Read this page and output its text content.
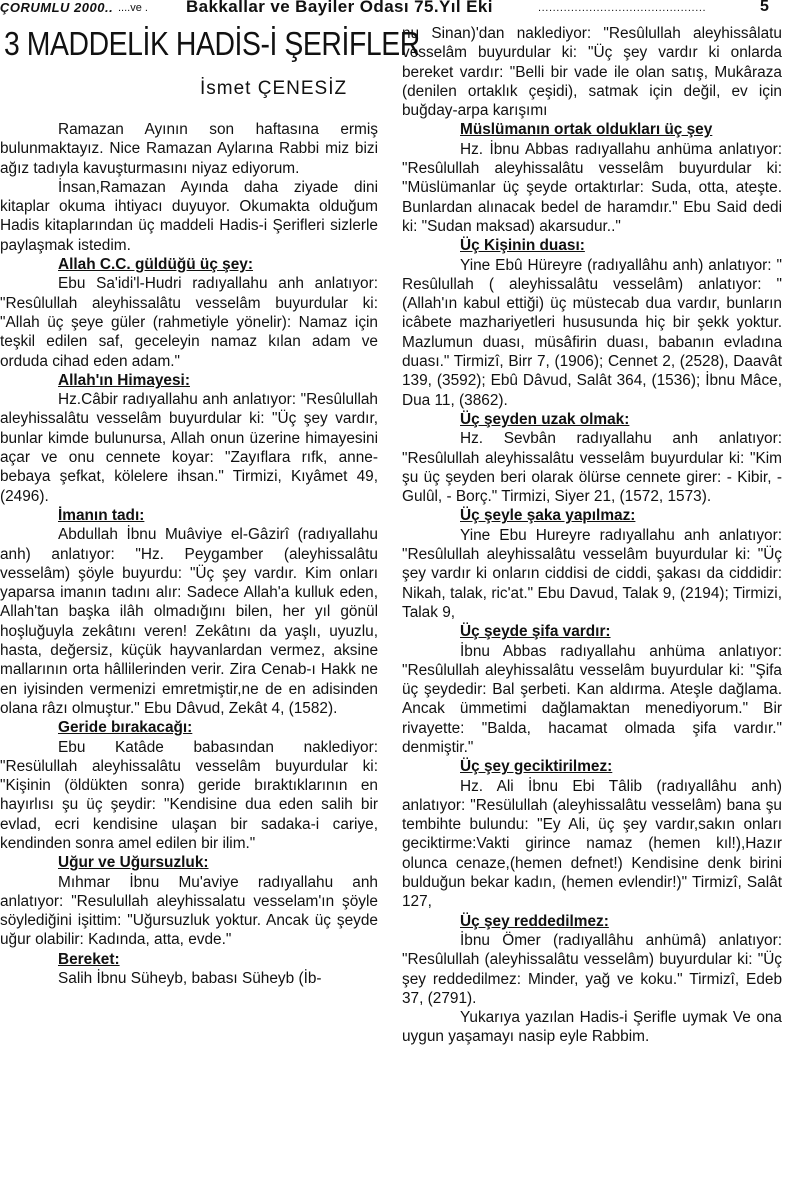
ÇORUMLU 2000.. ....ve . Bakkallar ve Bayiler Odası 75.Yıl Eki	..............................................	5
3 MADDELİK HADİS-İ ŞERİFLER
İsmet ÇENESİZ

Ramazan Ayının son haftasına ermiş bulunmaktayız. Nice Ramazan Aylarına Rabbi miz bizi ağız tadıyla kavuşturmasını niyaz ediyorum.

İnsan,Ramazan Ayında daha ziyade dini kitaplar okuma ihtiyacı duyuyor. Okumakta olduğum Hadis kitaplarından üç maddeli Hadis-i Şerifleri sizlerle paylaşmak istedim.

Allah C.C. güldüğü üç şey:

Ebu Sa'idi'l-Hudri radıyallahu anh anlatıyor: "Resûlullah aleyhissalâtu vesselâm buyurdular ki: "Allah üç şeye güler (rahmetiyle yönelir): Namaz için teşkil edilen saf, geceleyin namaz kılan adam ve orduda cihad eden adam."

Allah'ın Himayesi:

Hz.Câbir radıyallahu anh anlatıyor: "Resûlullah aleyhissalâtu vesselâm buyurdular ki: "Üç şey vardır, bunlar kimde bulunursa, Allah onun üzerine himayesini açar ve onu cennete koyar: "Zayıflara rıfk, anne-bebaya şefkat, kölelere ihsan." Tirmizi, Kıyâmet 49, (2496).

İmanın tadı:

Abdullah İbnu Muâviye el-Gâzirî (radıyallahu anh) anlatıyor: "Hz. Peygamber (aleyhissalâtu vesselâm) şöyle buyurdu: "Üç şey vardır. Kim onları yaparsa imanın tadını alır: Sadece Allah'a kulluk eden, Allah'tan başka ilâh olmadığını bilen, her yıl gönül hoşluğuyla zekâtını veren! Zekâtını da yaşlı, uyuzlu, hasta, değersiz, küçük hayvanlardan vermez, aksine mallarının orta hâllilerinden verir. Zira Cenab-ı Hakk ne en iyisinden vermenizi emretmiştir,ne de en adisinden olana râzı olmuştur." Ebu Dâvud, Zekât 4, (1582).

Geride bırakacağı:

Ebu Katâde babasından naklediyor: "Resülullah aleyhissalâtu vesselâm buyurdular ki: "Kişinin (öldükten sonra) geride bıraktıklarının en hayırlısı şu üç şeydir: "Kendisine dua eden salih bir evlad, ecri kendisine ulaşan bir sadaka-i cariye, kendinden sonra amel edilen bir ilim."

Uğur ve Uğursuzluk:

Mıhmar İbnu Mu'aviye radıyallahu anh anlatıyor: "Resulullah aleyhissalatu vesselam'ın şöyle söylediğini işittim: "Uğursuzluk yoktur. Ancak üç şeyde uğur olabilir: Kadında, atta, evde."

Bereket:

Salih İbnu Süheyb, babası Süheyb (İb-

nu Sinan)'dan naklediyor: "Resûlullah aleyhissâlatu vesselâm buyurdular ki: "Üç şey vardır ki onlarda bereket vardır: "Belli bir vade ile olan satış, Mukâraza (denilen ortaklık çeşidi), satmak için değil, ev için buğday-arpa karışımı

Müslümanın ortak oldukları üç şey

Hz. İbnu Abbas radıyallahu anhüma anlatıyor: "Resûlullah aleyhissalâtu vesselâm buyurdular ki: "Müslümanlar üç şeyde ortaktırlar: Suda, otta, ateşte. Bunlardan alınacak bedel de haramdır." Ebu Said dedi ki: "Sudan maksad) akarsudur.."

Üç Kişinin duası:

Yine Ebû Hüreyre (radıyallâhu anh) anlatıyor: " Resûlullah ( aleyhissalâtu vesselâm) anlatıyor: "(Allah'ın kabul ettiği) üç müstecab dua vardır, bunların icâbete mazhariyetleri hususunda hiç bir şekk yoktur. Mazlumun duası, müsâfirin duası, babanın evladına duası." Tirmizî, Birr 7, (1906); Cennet 2, (2528), Daavât 139, (3592); Ebû Dâvud, Salât 364, (1536); İbnu Mâce, Dua 11, (3862).

Üç şeyden uzak olmak:

Hz. Sevbân radıyallahu anh anlatıyor: "Resûlullah aleyhissalâtu vesselâm buyurdular ki: "Kim şu üç şeyden beri olarak ölürse cennete girer: - Kibir, - Gulûl, - Borç." Tirmizi, Siyer 21, (1572, 1573).

Üç şeyle şaka yapılmaz:

Yine Ebu Hureyre radıyallahu anh anlatıyor: "Resûlullah aleyhissalâtu vesselâm buyurdular ki: "Üç şey vardır ki onların ciddisi de ciddi, şakası da ciddidir: Nikah, talak, ric'at." Ebu Davud, Talak 9, (2194); Tirmizi, Talak 9,

Üç şeyde şifa vardır:

İbnu Abbas radıyallahu anhüma anlatıyor: "Resûlullah aleyhissalâtu vesselâm buyurdular ki: "Şifa üç şeydedir: Bal şerbeti. Kan aldırma. Ateşle dağlama. Ancak ümmetimi dağlamaktan menediyorum." Bir rivayette: "Balda, hacamat olmada şifa vardır." denmiştir."

Üç şey geciktirilmez:

Hz. Ali İbnu Ebi Tâlib (radıyallâhu anh) anlatıyor: "Resülullah (aleyhissalâtu vesselâm) bana şu tembihte bulundu: "Ey Ali, üç şey vardır,sakın onları geciktirme:Vakti girince namaz (hemen kıl!),Hazır olunca cenaze,(hemen defnet!) Kendisine denk birini bulduğun bekar kadın, (hemen evlendir!)" Tirmizî, Salât 127,

Üç şey reddedilmez:

İbnu Ömer (radıyallâhu anhümâ) anlatıyor: "Resûlullah (aleyhissalâtu vesselâm) buyurdular ki: "Üç şey reddedilmez: Minder, yağ ve koku." Tirmizî, Edeb 37, (2791).

Yukarıya yazılan Hadis-i Şerifle uymak Ve ona uygun yaşamayı nasip eyle Rabbim.
